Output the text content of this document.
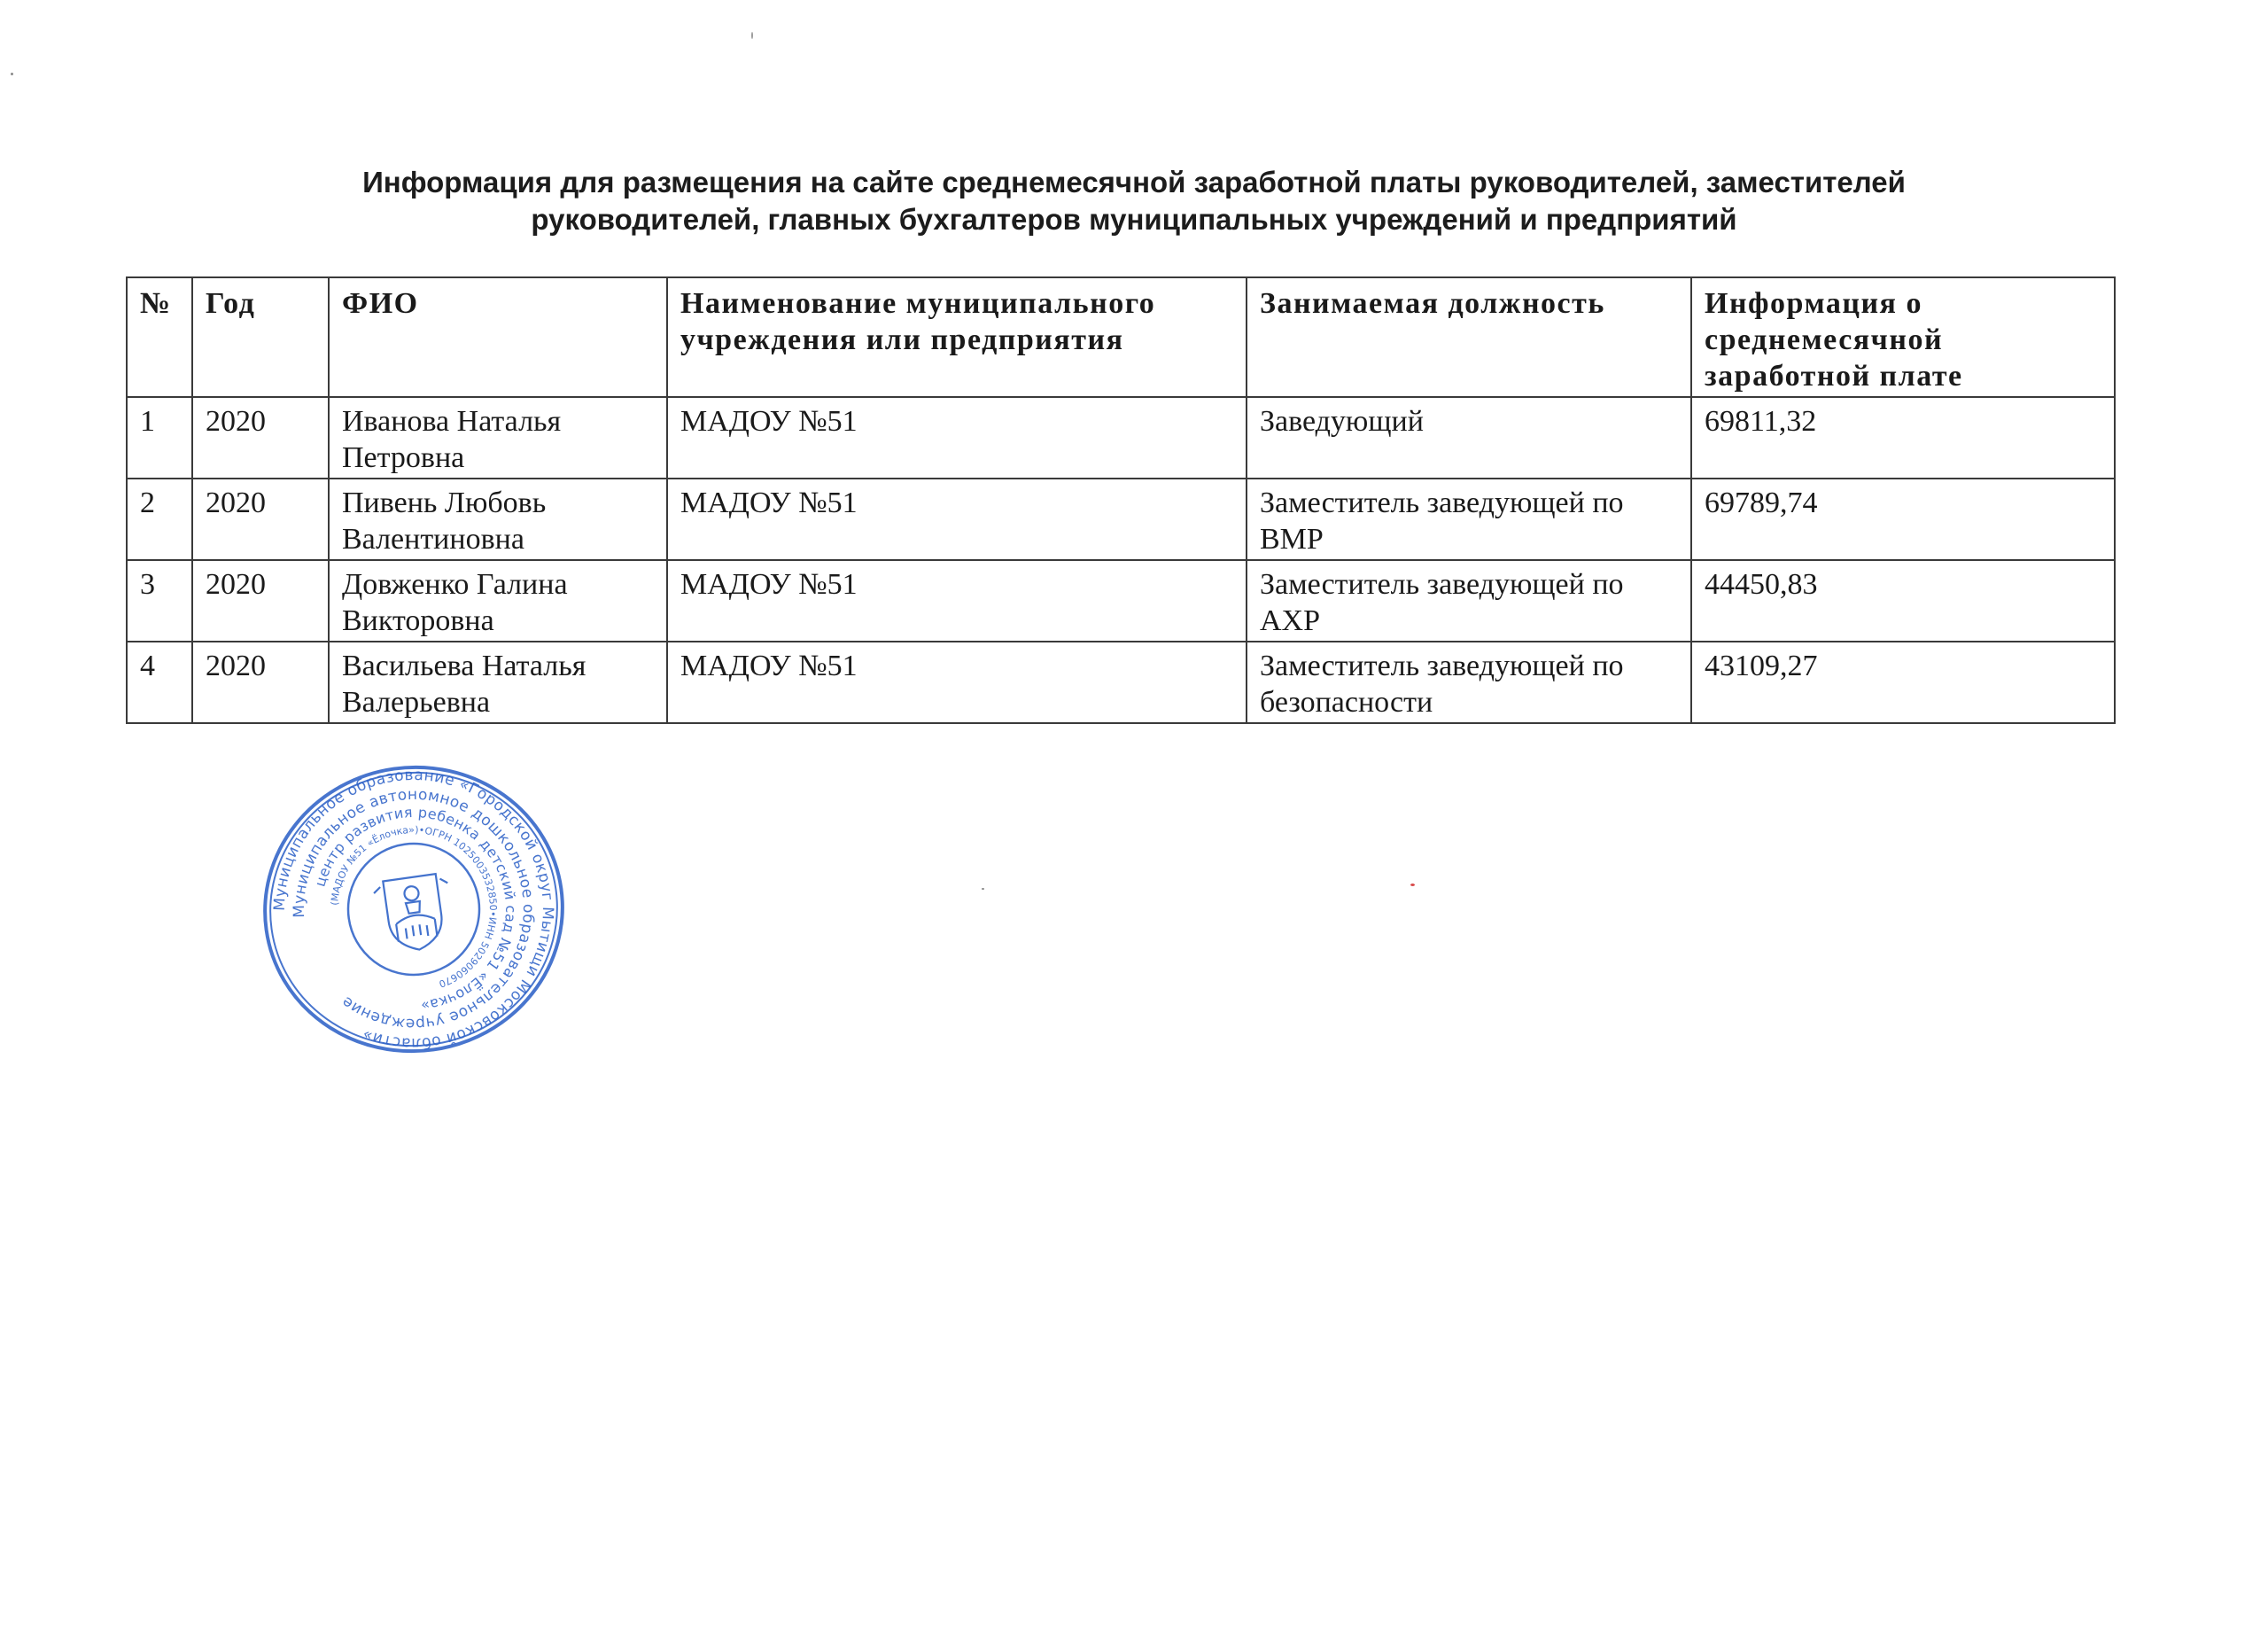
Информация для размещения на сайте среднемесячной заработной платы руководителей, заместителей
руководителей, главных бухгалтеров муниципальных учреждений и предприятий
№	Год	ФИО	Наименование муниципального учреждения или предприятия	Занимаемая должность	Информация о среднемесячной заработной плате
1	2020	Иванова Наталья Петровна	МАДОУ №51	Заведующий	69811,32
2	2020	Пивень Любовь Валентиновна	МАДОУ №51	Заместитель заведующей по ВМР	69789,74
3	2020	Довженко Галина Викторовна	МАДОУ №51	Заместитель заведующей по АХР	44450,83
4	2020	Васильева Наталья Валерьевна	МАДОУ №51	Заместитель заведующей по безопасности	43109,27
Муниципальное образование «Городской округ Мытищи Московской области»
Муниципальное автономное дошкольное образовательное учреждение
центр развития ребенка детский сад №51 «Ёлочка»
(МАДОУ №51 «Ёлочка»)•ОГРН 1025003532850•ИНН 5029060670
